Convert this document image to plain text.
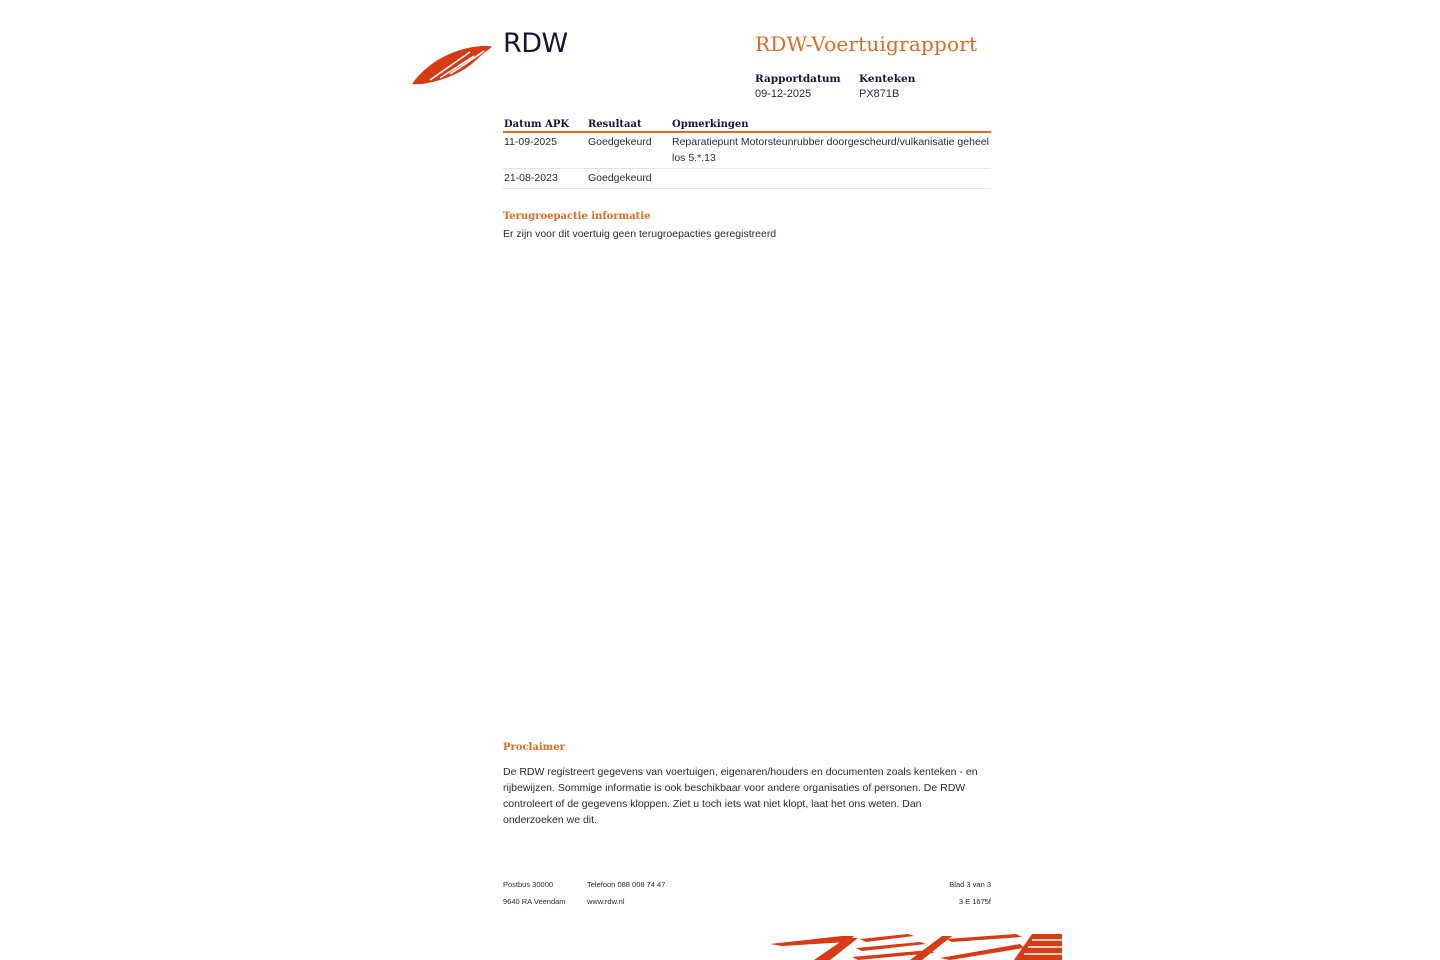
RDW	RDW-Voertuigrapport
Rapportdatum
09-12-2025
Kenteken
PX871B
Datum APK	Resultaat	Opmerkingen
11-09-2025	Goedgekeurd	Reparatiepunt Motorsteunrubber doorgescheurd/vulkanisatie geheel los 5.*.13
21-08-2023	Goedgekeurd	
Terugroepactie informatie
Er zijn voor dit voertuig geen terugroepacties geregistreerd
Proclaimer
De RDW registreert gegevens van voertuigen, eigenaren/houders en documenten zoals kenteken - en rijbewijzen. Sommige informatie is ook beschikbaar voor andere organisaties of personen. De RDW controleert of de gegevens kloppen. Ziet u toch iets wat niet klopt, laat het ons weten. Dan onderzoeken we dit.
Postbus 30000
9640 RA Veendam
Telefoon 088 008 74 47
www.rdw.nl
Blad 3 van 3
3 E 1675f
